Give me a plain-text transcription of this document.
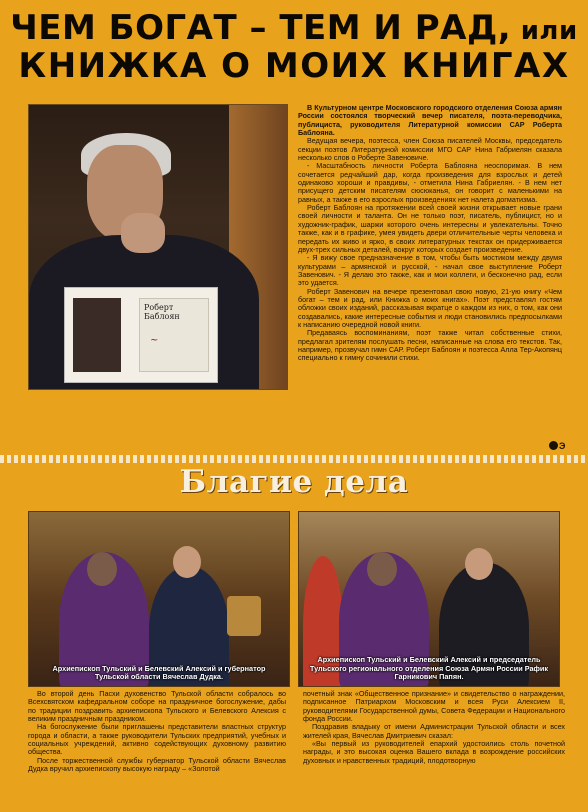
ЧЕМ БОГАТ – ТЕМ И РАД, или
КНИЖКА О МОИХ КНИГАХ
Роберт Баблоян
~

В Культурном центре Московского городского отделения Союза армян России состоялся творческий вечер писателя, поэта-переводчика, публициста, руководителя Литературной комиссии САР Роберта Баблояна.

Ведущая вечера, поэтесса, член Союза писателей Москвы, председатель секции поэтов Литературной комиссии МГО САР Нина Габриелян сказала несколько слов о Роберте Завеновиче.

- Масштабность личности Роберта Баблояна неоспоримая. В нем сочетается редчайший дар, когда произведения для взрослых и детей одинаково хороши и правдивы, - отметила Нина Габриелян. - В нем нет присущего детским писателям сюсюканья, он говорит с маленькими на равных, а также в его взрослых произведениях нет налета догматизма.

Роберт Баблоян на протяжении всей своей жизни открывает новые грани своей личности и таланта. Он не только поэт, писатель, публицист, но и художник-график, шаржи которого очень интересны и увлекательны. Точно также, как и в графике, умея увидеть двери отличительные черты человека и передать их живо и ярко, в своих литературных текстах он придерживается двух-трех сильных деталей, вокруг которых создает произведение.

- Я вижу свое предназначение в том, чтобы быть мостиком между двумя культурами – армянской и русской, - начал свое выступление Роберт Завенович. - Я делаю это также, как и мои коллеги, и бесконечно рад, если это удается.

Роберт Завенович на вечере презентовал свою новую, 21-ую книгу «Чем богат – тем и рад, или Книжка о моих книгах». Поэт представлял гостям обложки своих изданий, рассказывая вкратце о каждом из них, о том, как они создавались, какие интересные события и люди становились предпосылками к написанию очередной новой книги.

Предаваясь воспоминаниям, поэт также читал собственные стихи, предлагал зрителям послушать песни, написанные на слова его текстов. Так, например, прозвучал гимн САР. Роберт Баблоян и поэтесса Алла Тер-Акопянц специально к гимну сочинили стихи.

Э
Благие дела
Архиепископ Тульский и Белевский Алексий и губернатор Тульской области Вячеслав Дудка.
Архиепископ Тульский и Белевский Алексий и председатель Тульского регионального отделения Союза Армян России Рафик Гарникович Папян.

Во второй день Пасхи духовенство Тульской области собралось во Всехсвятском кафедральном соборе на праздничное богослужение, дабы по традиции поздравить архиепископа Тульского и Белевского Алексия с великим праздничным праздником.

На богослужение были приглашены представители властных структур города и области, а также руководители Тульских предприятий, учебных и социальных учреждений, активно содействующих духовному развитию общества.

После торжественной службы губернатор Тульской области Вячеслав Дудка вручил архиепископу высокую награду – «Золотой

почетный знак «Общественное признание» и свидетельство о награждении, подписанное Патриархом Московским и всея Руси Алексием II, руководителями Государственной думы, Совета Федерации и Национального фонда России.

Поздравив владыку от имени Администрации Тульской области и всех жителей края, Вячеслав Дмитриевич сказал:

«Вы первый из руководителей епархий удостоились столь почетной награды, и это высокая оценка Вашего вклада в возрождение российских духовных и нравственных традиций, плодотворную
